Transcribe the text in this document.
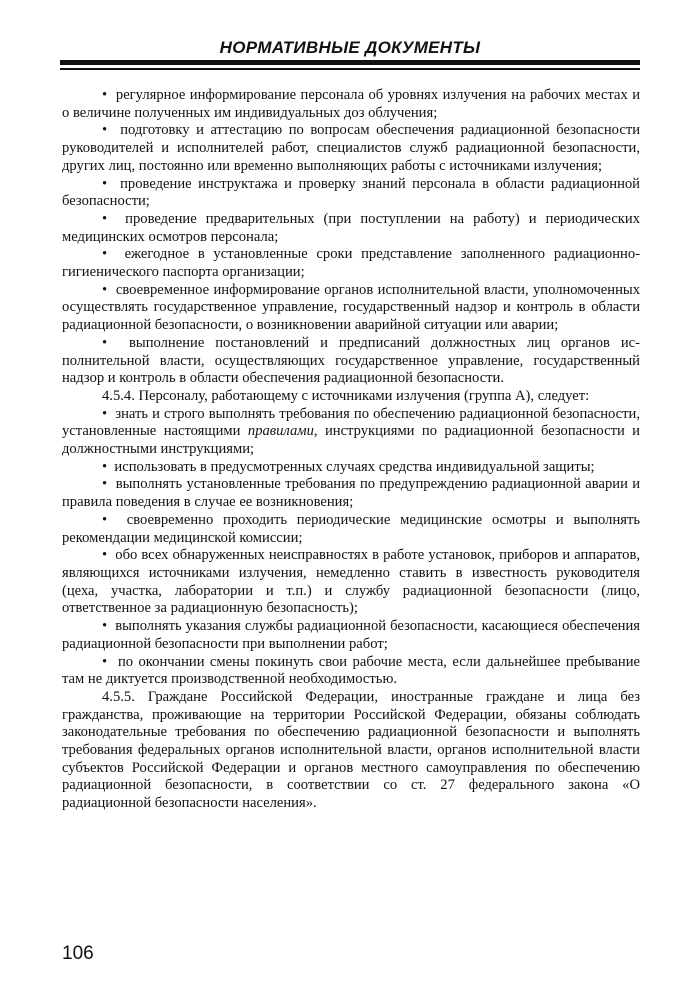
НОРМАТИВНЫЕ ДОКУМЕНТЫ

•  регулярное информирование персонала об уровнях излучения на рабочих местах и о величине полученных им индивидуальных доз облучения;

•  подготовку и аттестацию по вопросам обеспечения радиационной безопасности руководителей и исполнителей работ, специалистов служб радиационной безопасности, других лиц, постоянно или временно выполняющих работы с источниками излучения;

•  проведение инструктажа и проверку знаний персонала в области радиационной безопасности;

•  проведение предварительных (при поступлении на работу) и периодических медицинских осмотров персонала;

•  ежегодное в установленные сроки представление заполненного радиационно-гигиенического паспорта организации;

•  своевременное информирование органов исполнительной власти, уполномоченных осуществлять государственное управление, государственный надзор и контроль в области радиационной безопасности, о возникновении аварийной ситуации или аварии;

•  выполнение постановлений и предписаний должностных лиц органов исполнительной власти, осуществляющих государственное управление, государственный надзор и контроль в области обеспечения радиационной безопасности.

4.5.4. Персоналу, работающему с источниками излучения (группа А), следует:

•  знать и строго выполнять требования по обеспечению радиационной безопасности, установленные настоящими правилами, инструкциями по радиационной безопасности и должностными инструкциями;

•  использовать в предусмотренных случаях средства индивидуальной защиты;

•  выполнять установленные требования по предупреждению радиационной аварии и правила поведения в случае ее возникновения;

•  своевременно проходить периодические медицинские осмотры и выполнять рекомендации медицинской комиссии;

•  обо всех обнаруженных неисправностях в работе установок, приборов и аппаратов, являющихся источниками излучения, немедленно ставить в известность руководителя (цеха, участка, лаборатории и т.п.) и службу радиационной безопасности (лицо, ответственное за радиационную безопасность);

•  выполнять указания службы радиационной безопасности, касающиеся обеспечения радиационной безопасности при выполнении работ;

•  по окончании смены покинуть свои рабочие места, если дальнейшее пребывание там не диктуется производственной необходимостью.

4.5.5. Граждане Российской Федерации, иностранные граждане и лица без гражданства, проживающие на территории Российской Федерации, обязаны соблюдать законодательные требования по обеспечению радиационной безопасности и выполнять требования федеральных органов исполнительной власти, органов исполнительной власти субъектов Российской Федерации и органов местного самоуправления по обеспечению радиационной безопасности, в соответствии со ст. 27 федерального закона «О радиационной безопасности населения».

106
